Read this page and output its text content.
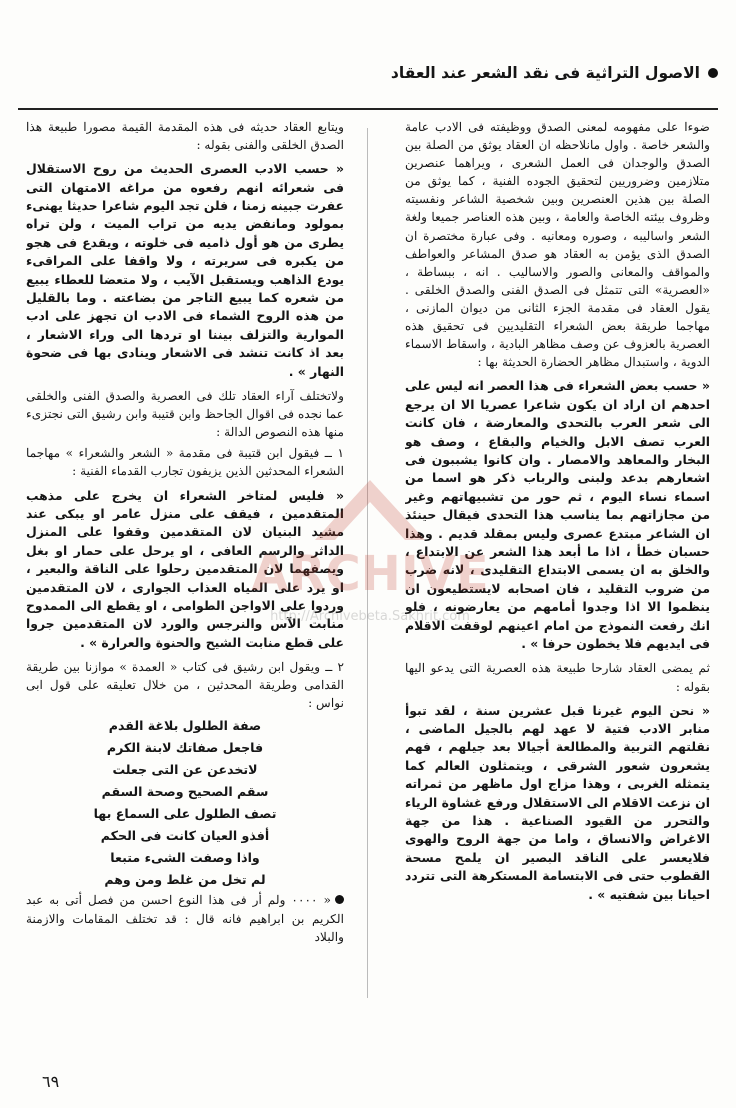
الاصول التراثية فى نقد الشعر عند العقاد

ضوءا على مفهومه لمعنى الصدق ووظيفته فى الادب عامة والشعر خاصة . واول مانلاحظه ان العقاد يوثق من الصلة بين الصدق والوجدان فى العمل الشعرى ، ويراهما عنصرين متلازمين وضروريين لتحقيق الجوده الفنية ، كما يوثق من الصلة بين هذين العنصرين وبين شخصية الشاعر ونفسيته وظروف بيئته الخاصة والعامة ، وبين هذه العناصر جميعا ولغة الشعر واساليبه ، وصوره ومعانيه . وفى عبارة مختصرة ان الصدق الذى يؤمن به العقاد هو صدق المشاعر والعواطف والمواقف والمعانى والصور والاساليب . انه ، ببساطة ، «العصرية» التى تتمثل فى الصدق الفنى والصدق الخلقى . يقول العقاد فى مقدمة الجزء الثانى من ديوان المازنى ، مهاجما طريقة بعض الشعراء التقليديين فى تحقيق هذه العصرية بالعزوف عن وصف مظاهر البادية ، واسقاط الاسماء الدوية ، واستبدال مظاهر الحضارة الحديثة بها :

« حسب بعض الشعراء فى هذا العصر انه ليس على احدهم ان اراد ان يكون شاعرا عصريا الا ان يرجع الى شعر العرب بالتحدى والمعارضة ، فان كانت العرب تصف الابل والخيام والبقاع ، وصف هو البخار والمعاهد والامصار . وان كانوا يشببون فى اشعارهم بدعد ولبنى والرباب ذكر هو اسما من اسماء نساء اليوم ، ثم حور من تشبيهاتهم وغير من مجازاتهم بما يناسب هذا التحدى فيقال حينئذ ان الشاعر مبتدع عصرى وليس بمقلد قديم . وهذا حسبان خطأ ، اذا ما أبعد هذا الشعر عن الابتداع ، والخلق به ان يسمى الابتداع التقليدى ، لانه ضرب من ضروب التقليد ، فان اصحابه لايستطيعون ان ينظموا الا اذا وجدوا أمامهم من يعارضونه ، فلو انك رفعت النموذج من امام اعينهم لوقفت الاقلام فى ايديهم فلا يخطون حرفا » .

ثم يمضى العقاد شارحا طبيعة هذه العصرية التى يدعو اليها بقوله :

« نحن اليوم غيرنا قبل عشرين سنة ، لقد تبوأ منابر الادب فتية لا عهد لهم بالجيل الماضى ، نقلتهم التربية والمطالعة أجيالا بعد جيلهم ، فهم يشعرون شعور الشرقى ، ويتمثلون العالم كما يتمثله الغربى ، وهذا مزاج اول ماظهر من ثمراته ان نزعت الاقلام الى الاستقلال ورفع غشاوة الرياء والتحرر من القيود الصناعية . هذا من جهة الاغراض والانساق ، واما من جهة الروح والهوى فلايعسر على الناقد البصير ان يلمح مسحة القطوب حتى فى الابتسامة المستكرهة التى تتردد احيانا بين شفتيه » .

ويتابع العقاد حديثه فى هذه المقدمة القيمة مصورا طبيعة هذا الصدق الخلقى والفنى بقوله :

« حسب الادب العصرى الحديث من روح الاستقلال فى شعرائه انهم رفعوه من مراغه الامتهان التى عفرت جبينه زمنا ، فلن تجد اليوم شاعرا حديثا يهنىء بمولود ومانفض يديه من تراب الميت ، ولن تراه يطرى من هو أول ذاميه فى خلوته ، ويقدع فى هجو من يكبره فى سريرته ، ولا واقفا على المراقىء يودع الذاهب ويستقبل الآيب ، ولا متعضا للعطاء يبيع من شعره كما يبيع التاجر من بضاعته . وما بالقليل من هذه الروح الشماء فى الادب ان تجهز على ادب الموارية والتزلف بيننا او تردها الى وراء الاشعار ، بعد اذ كانت تنشد فى الاشعار وينادى بها فى ضحوة النهار » .

ولاتختلف آراء العقاد تلك فى العصرية والصدق الفنى والخلقى عما نجده فى اقوال الجاحظ وابن قتيبة وابن رشيق التى نجتزىء منها هذه النصوص الدالة :

١ ــ فيقول ابن قتيبة فى مقدمة « الشعر والشعراء » مهاجما الشعراء المحدثين الذين يزيفون تجارب القدماء الفنية :

« فليس لمتاخر الشعراء ان يخرج على مذهب المتقدمين ، فيقف على منزل عامر او يبكى عند مشيد البنيان لان المتقدمين وقفوا على المنزل الداثر والرسم العافى ، او يرحل على حمار او بغل ويصفهما لان المتقدمين رحلوا على الناقة والبعير ، او يرد على المياه العذاب الجوارى ، لان المتقدمين وردوا على الاواجن الطوامى ، او يقطع الى الممدوح منابت الآس والنرجس والورد لان المتقدمين جروا على قطع منابت الشيح والحنوة والعرارة » .

٢ ــ ويقول ابن رشيق فى كتاب « العمدة » موازنا بين طريقة القدامى وطريقة المحدثين ، من خلال تعليقه على قول ابى نواس :

صفة الطلول بلاغة القدم

فاجعل صفاتك لابنة الكرم

لاتخدعن عن التى جعلت

سقم الصحيح وصحة السقم

تصف الطلول على السماع بها

أفذو العيان كانت فى الحكم

واذا وصفت الشىء متبعا

لم تخل من غلط ومن وهم

« ٠٠٠٠ ولم أر فى هذا النوع احسن من فصل أتى به عبد الكريم بن ابراهيم فانه قال : قد تختلف المقامات والازمنة والبلاد

ARCHIVE
http://Archivebeta.Sakhrit.com
٦٩
